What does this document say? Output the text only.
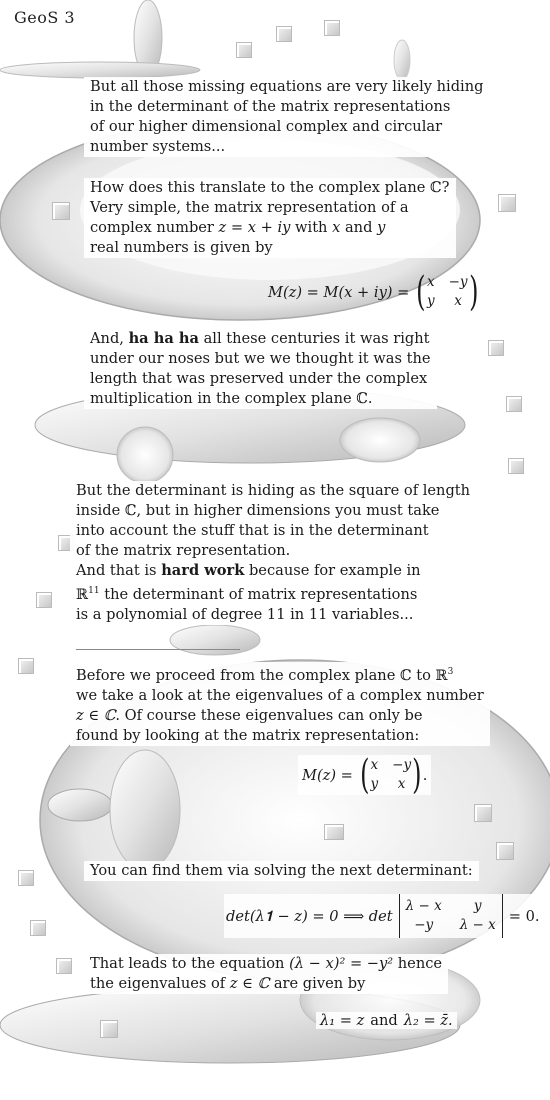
GeoS 3
But all those missing equations are very likely hiding
in the determinant of the matrix representations
of our higher dimensional complex and circular
number systems...
How does this translate to the complex plane ℂ?
Very simple, the matrix representation of a
complex number z = x + iy with x and y
real numbers is given by
M(z) = M(x + iy) = ( x −y
y	x )
And, ha ha ha all these centuries it was right
under our noses but we we thought it was the
length that was preserved under the complex
multiplication in the complex plane ℂ.
But the determinant is hiding as the square of length
inside ℂ, but in higher dimensions you must take
into account the stuff that is in the determinant
of the matrix representation.
And that is hard work because for example in
ℝ$^{11}$ the determinant of matrix representations
is a polynomial of degree 11 in 11 variables...
Before we proceed from the complex plane ℂ to ℝ$^3$
we take a look at the eigenvalues of a complex number
z ∈ ℂ. Of course these eigenvalues can only be
found by looking at the matrix representation:
M(z) = ( x −y
y	x ) .
You can find them via solving the next determinant:
det(λ𝟏 − z) = 0 ⟹ det
λ − x	y
−y	λ − x
= 0.
That leads to the equation (λ − x)² = −y² hence
the eigenvalues of z ∈ ℂ are given by
λ₁ = z and λ₂ = z̄.
